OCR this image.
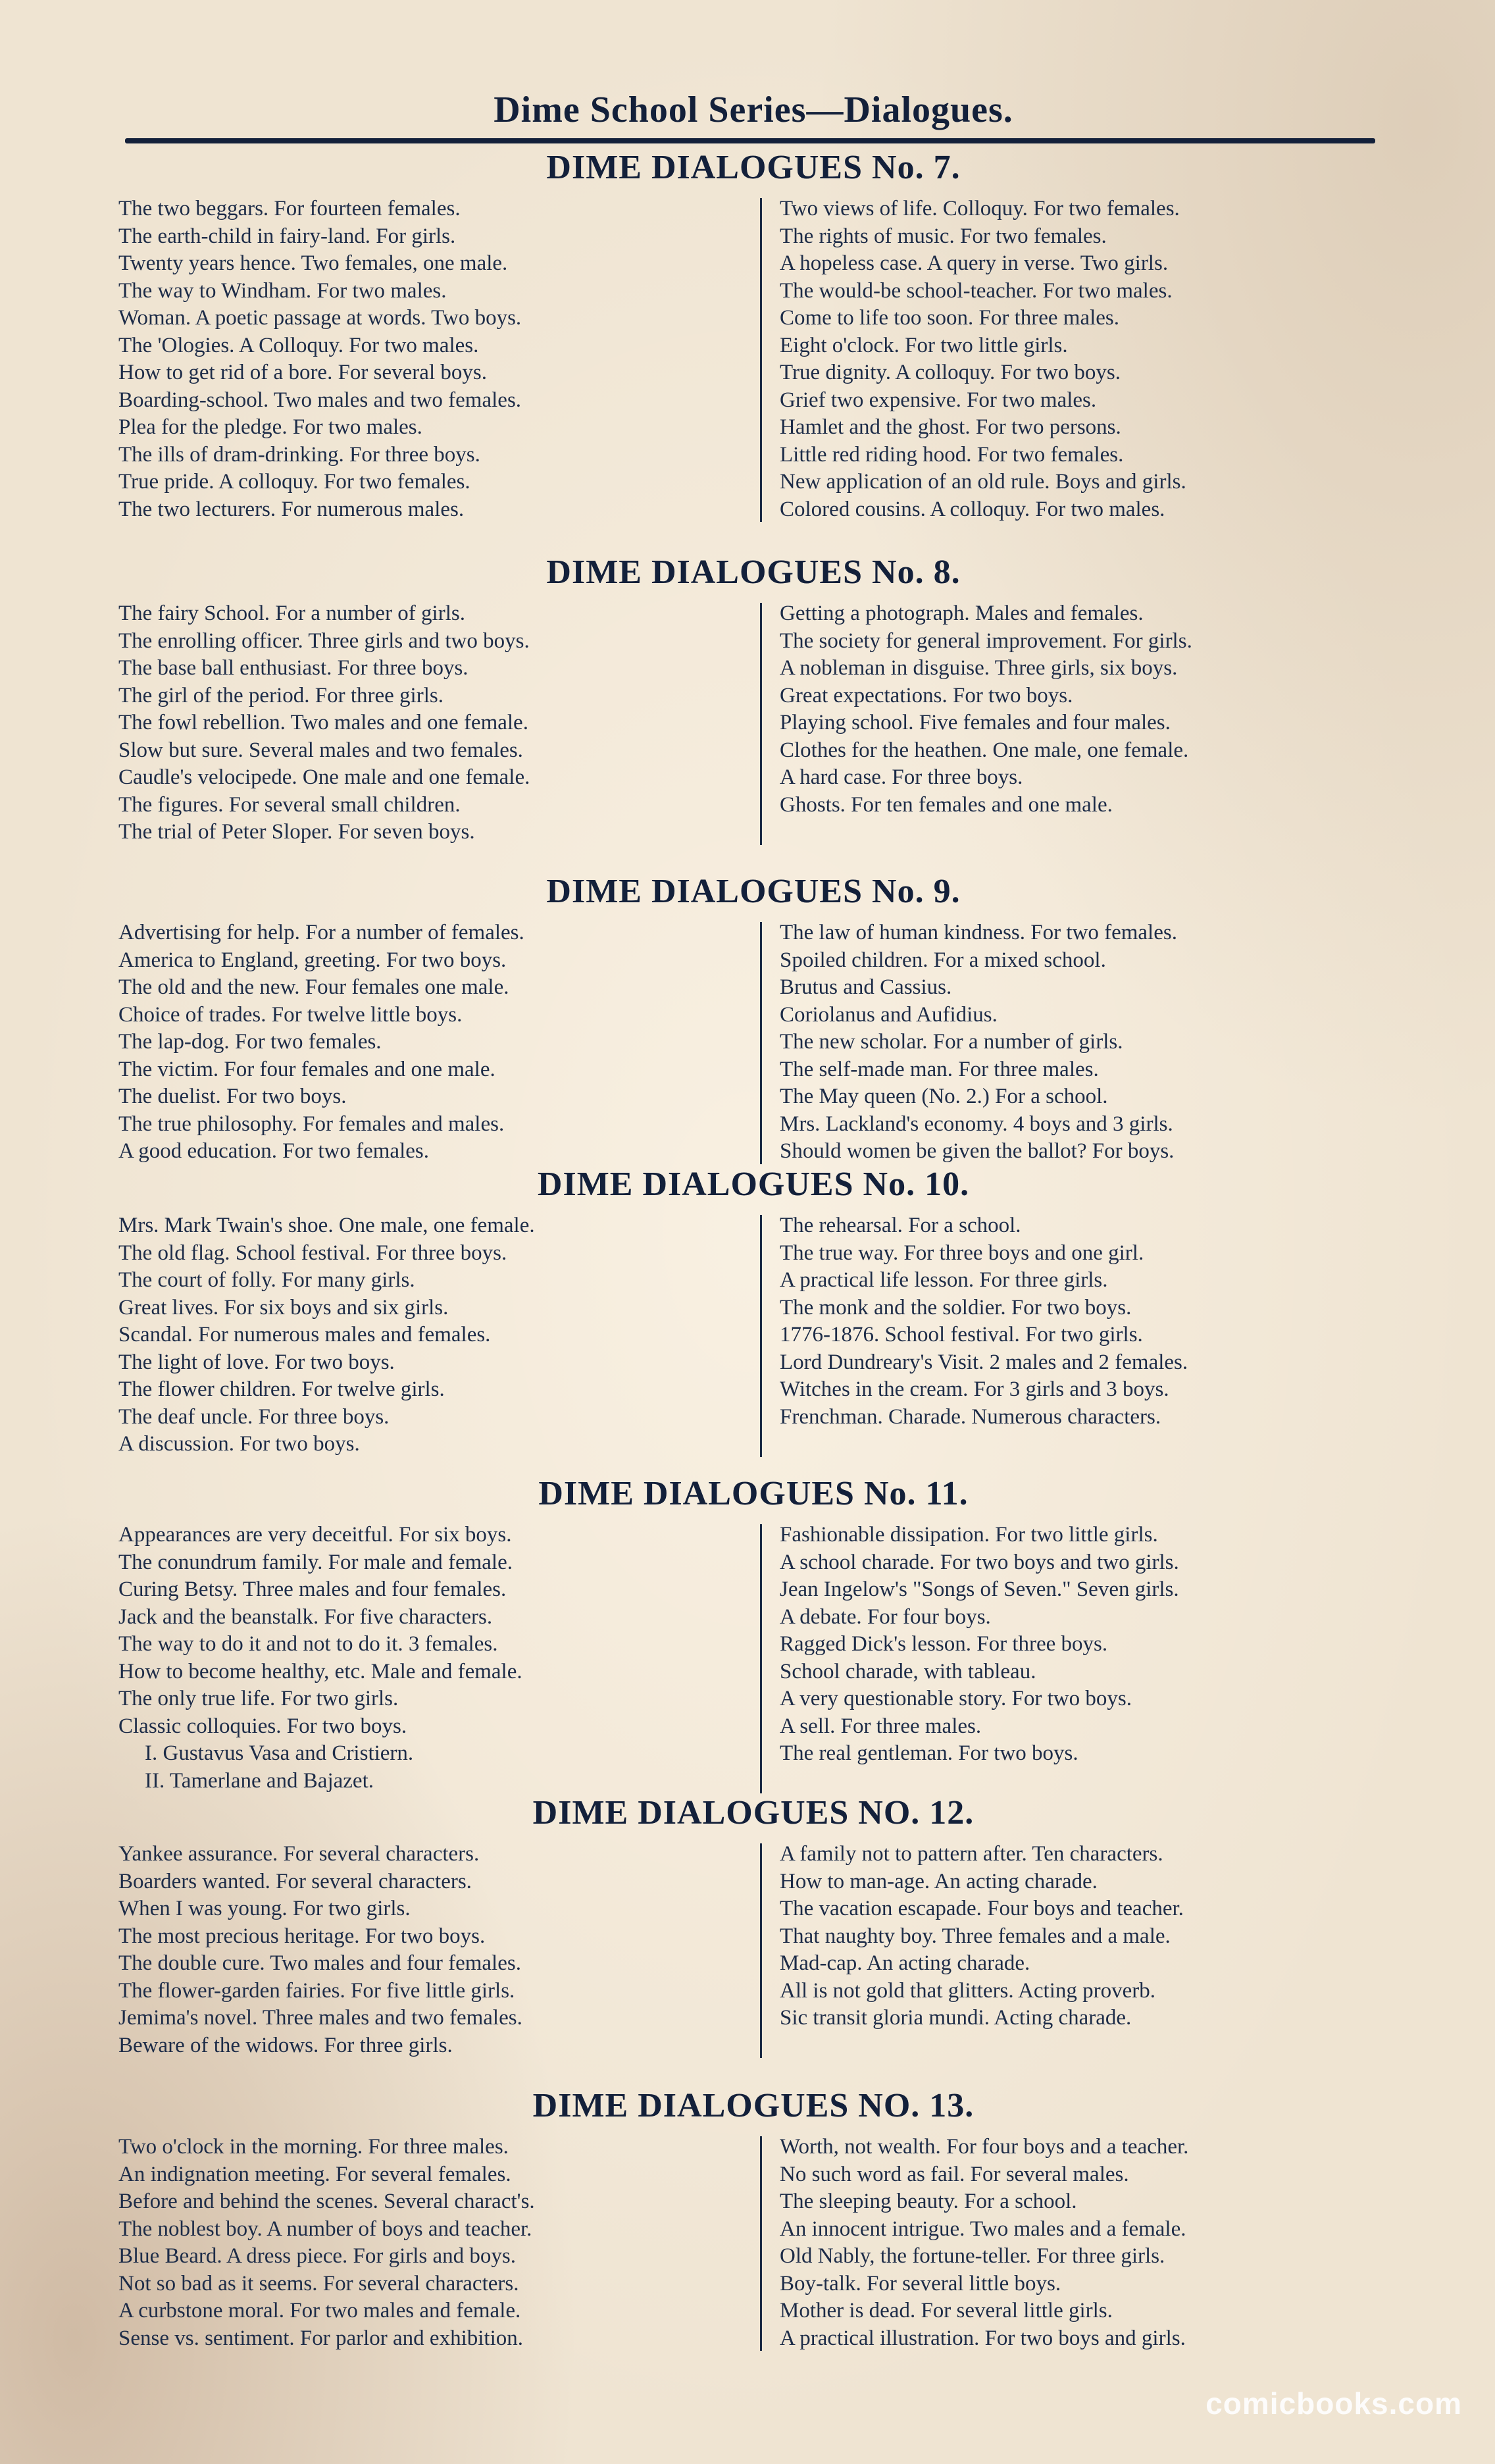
Dime School Series—Dialogues.
DIME DIALOGUES No. 7.
The two beggars. For fourteen females.
The earth-child in fairy-land. For girls.
Twenty years hence. Two females, one male.
The way to Windham. For two males.
Woman. A poetic passage at words. Two boys.
The 'Ologies. A Colloquy. For two males.
How to get rid of a bore. For several boys.
Boarding-school. Two males and two females.
Plea for the pledge. For two males.
The ills of dram-drinking. For three boys.
True pride. A colloquy. For two females.
The two lecturers. For numerous males.
Two views of life. Colloquy. For two females.
The rights of music. For two females.
A hopeless case. A query in verse. Two girls.
The would-be school-teacher. For two males.
Come to life too soon. For three males.
Eight o'clock. For two little girls.
True dignity. A colloquy. For two boys.
Grief two expensive. For two males.
Hamlet and the ghost. For two persons.
Little red riding hood. For two females.
New application of an old rule. Boys and girls.
Colored cousins. A colloquy. For two males.
DIME DIALOGUES No. 8.
The fairy School. For a number of girls.
The enrolling officer. Three girls and two boys.
The base ball enthusiast. For three boys.
The girl of the period. For three girls.
The fowl rebellion. Two males and one female.
Slow but sure. Several males and two females.
Caudle's velocipede. One male and one female.
The figures. For several small children.
The trial of Peter Sloper. For seven boys.
Getting a photograph. Males and females.
The society for general improvement. For girls.
A nobleman in disguise. Three girls, six boys.
Great expectations. For two boys.
Playing school. Five females and four males.
Clothes for the heathen. One male, one female.
A hard case. For three boys.
Ghosts. For ten females and one male.
DIME DIALOGUES No. 9.
Advertising for help. For a number of females.
America to England, greeting. For two boys.
The old and the new. Four females one male.
Choice of trades. For twelve little boys.
The lap-dog. For two females.
The victim. For four females and one male.
The duelist. For two boys.
The true philosophy. For females and males.
A good education. For two females.
The law of human kindness. For two females.
Spoiled children. For a mixed school.
Brutus and Cassius.
Coriolanus and Aufidius.
The new scholar. For a number of girls.
The self-made man. For three males.
The May queen (No. 2.) For a school.
Mrs. Lackland's economy. 4 boys and 3 girls.
Should women be given the ballot? For boys.
DIME DIALOGUES No. 10.
Mrs. Mark Twain's shoe. One male, one female.
The old flag. School festival. For three boys.
The court of folly. For many girls.
Great lives. For six boys and six girls.
Scandal. For numerous males and females.
The light of love. For two boys.
The flower children. For twelve girls.
The deaf uncle. For three boys.
A discussion. For two boys.
The rehearsal. For a school.
The true way. For three boys and one girl.
A practical life lesson. For three girls.
The monk and the soldier. For two boys.
1776-1876. School festival. For two girls.
Lord Dundreary's Visit. 2 males and 2 females.
Witches in the cream. For 3 girls and 3 boys.
Frenchman. Charade. Numerous characters.
DIME DIALOGUES No. 11.
Appearances are very deceitful. For six boys.
The conundrum family. For male and female.
Curing Betsy. Three males and four females.
Jack and the beanstalk. For five characters.
The way to do it and not to do it. 3 females.
How to become healthy, etc. Male and female.
The only true life. For two girls.
Classic colloquies. For two boys.
I. Gustavus Vasa and Cristiern.
II. Tamerlane and Bajazet.
Fashionable dissipation. For two little girls.
A school charade. For two boys and two girls.
Jean Ingelow's "Songs of Seven." Seven girls.
A debate. For four boys.
Ragged Dick's lesson. For three boys.
School charade, with tableau.
A very questionable story. For two boys.
A sell. For three males.
The real gentleman. For two boys.
DIME DIALOGUES NO. 12.
Yankee assurance. For several characters.
Boarders wanted. For several characters.
When I was young. For two girls.
The most precious heritage. For two boys.
The double cure. Two males and four females.
The flower-garden fairies. For five little girls.
Jemima's novel. Three males and two females.
Beware of the widows. For three girls.
A family not to pattern after. Ten characters.
How to man-age. An acting charade.
The vacation escapade. Four boys and teacher.
That naughty boy. Three females and a male.
Mad-cap. An acting charade.
All is not gold that glitters. Acting proverb.
Sic transit gloria mundi. Acting charade.
DIME DIALOGUES NO. 13.
Two o'clock in the morning. For three males.
An indignation meeting. For several females.
Before and behind the scenes. Several charact's.
The noblest boy. A number of boys and teacher.
Blue Beard. A dress piece. For girls and boys.
Not so bad as it seems. For several characters.
A curbstone moral. For two males and female.
Sense vs. sentiment. For parlor and exhibition.
Worth, not wealth. For four boys and a teacher.
No such word as fail. For several males.
The sleeping beauty. For a school.
An innocent intrigue. Two males and a female.
Old Nably, the fortune-teller. For three girls.
Boy-talk. For several little boys.
Mother is dead. For several little girls.
A practical illustration. For two boys and girls.
comicbooks.com
